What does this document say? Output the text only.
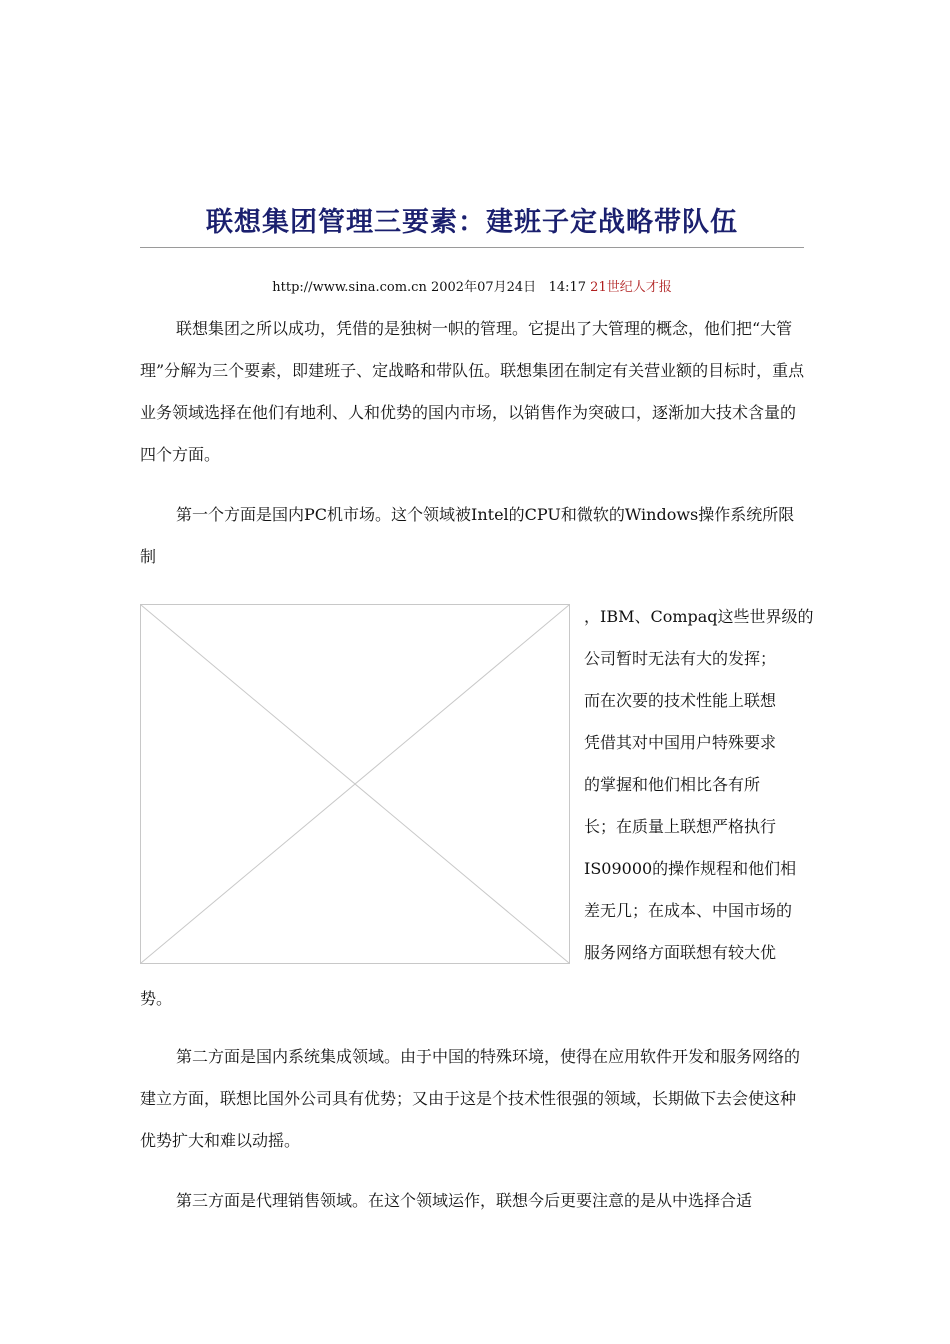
联想集团管理三要素：建班子定战略带队伍
http://www.sina.com.cn 2002年07月24日 14:17 21世纪人才报

联想集团之所以成功，凭借的是独树一帜的管理。它提出了大管理的概念，他们把“大管理”分解为三个要素，即建班子、定战略和带队伍。联想集团在制定有关营业额的目标时，重点业务领域选择在他们有地利、人和优势的国内市场，以销售作为突破口，逐渐加大技术含量的四个方面。

第一个方面是国内PC机市场。这个领域被Intel的CPU和微软的Windows操作系统所限制

，IBM、Compaq这些世界级的
公司暂时无法有大的发挥；
而在次要的技术性能上联想
凭借其对中国用户特殊要求
的掌握和他们相比各有所
长；在质量上联想严格执行
IS09000的操作规程和他们相
差无几；在成本、中国市场的
服务网络方面联想有较大优

势。

第二方面是国内系统集成领域。由于中国的特殊环境，使得在应用软件开发和服务网络的建立方面，联想比国外公司具有优势；又由于这是个技术性很强的领域，长期做下去会使这种优势扩大和难以动摇。

第三方面是代理销售领域。在这个领域运作，联想今后更要注意的是从中选择合适
